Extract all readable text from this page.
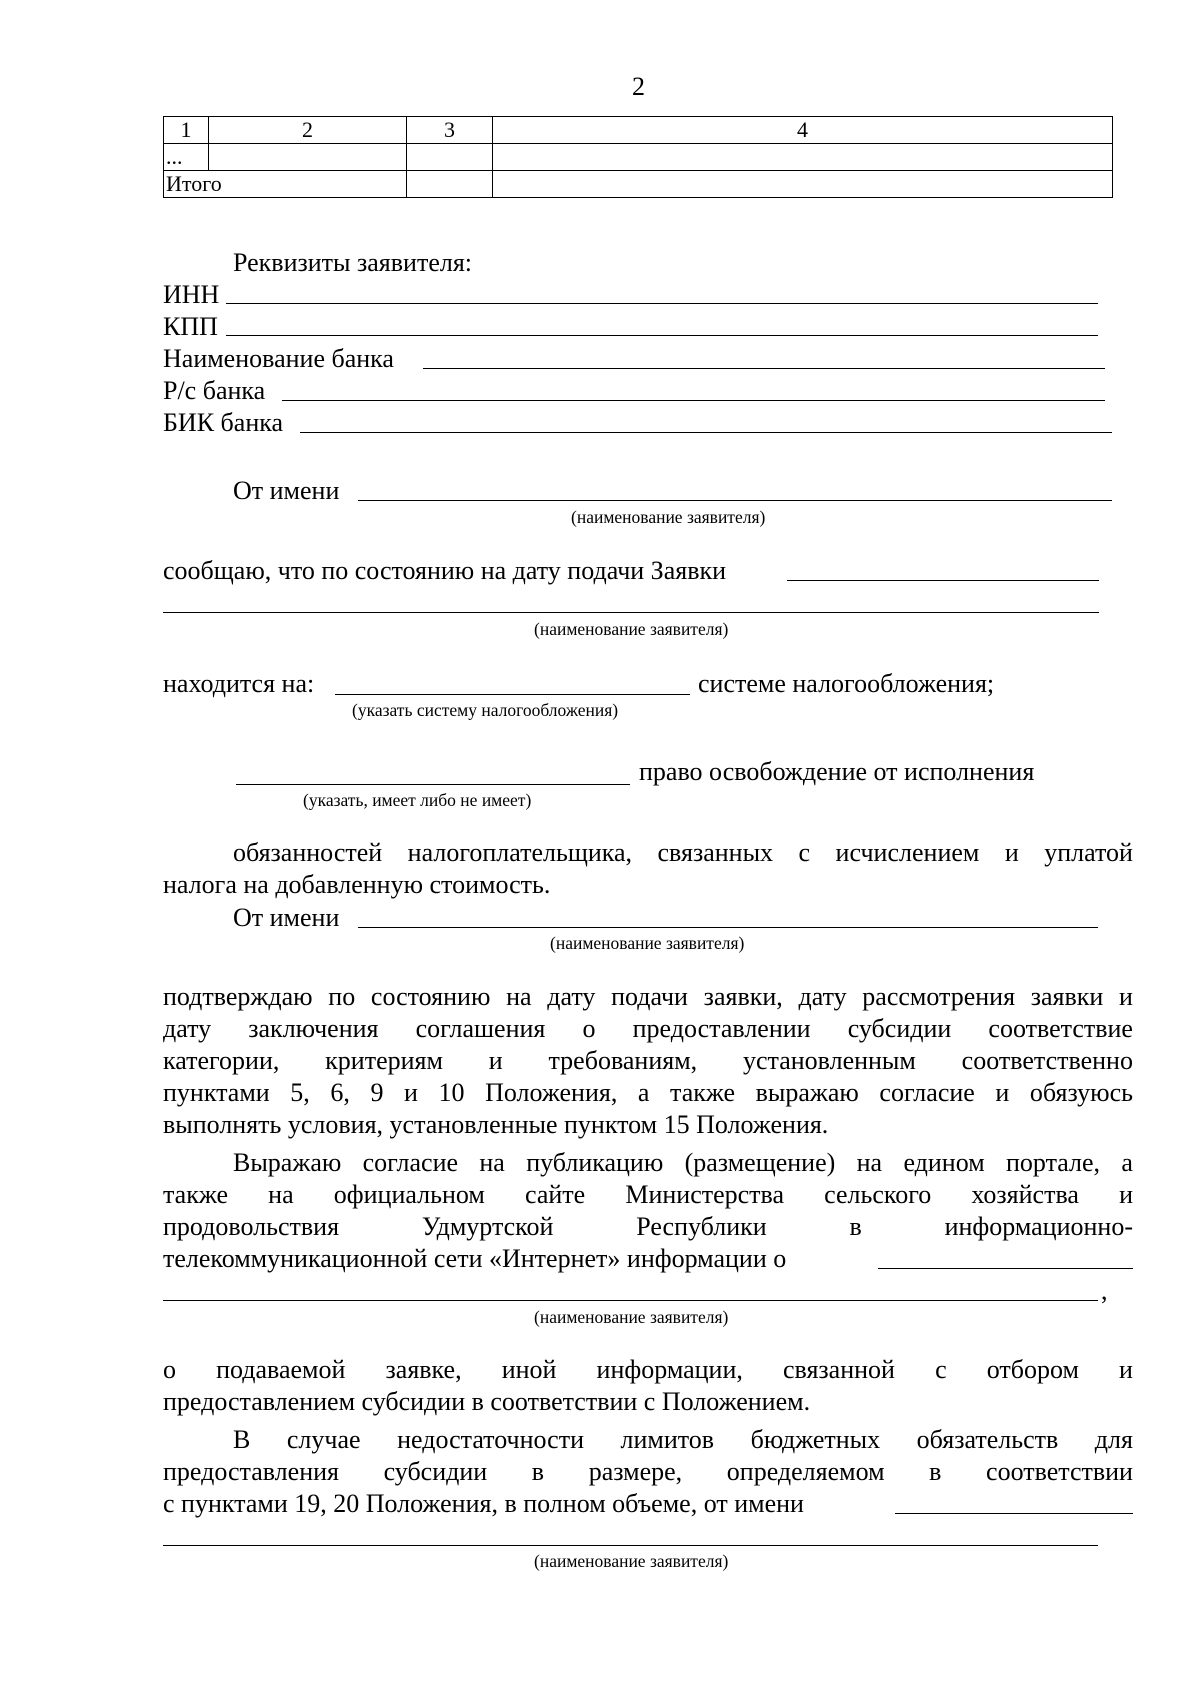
2
1	2	3	4
...			
Итого			
Реквизиты заявителя:
ИНН
КПП
Наименование банка
Р/с банка
БИК банка
От имени
(наименование заявителя)
сообщаю, что по состоянию на дату подачи Заявки
(наименование заявителя)
находится на:	системе налогообложения;
(указать систему налогообложения)
право освобождение от исполнения
(указать, имеет либо не имеет)
обязанностей налогоплательщика, связанных с исчислением и уплатой
налога на добавленную стоимость.
От имени
(наименование заявителя)
подтверждаю по состоянию на дату подачи заявки, дату рассмотрения заявки и
дату заключения соглашения о предоставлении субсидии соответствие
категории, критериям и требованиям, установленным соответственно
пунктами 5, 6, 9 и 10 Положения, а также выражаю согласие и обязуюсь
выполнять условия, установленные пунктом 15 Положения.
Выражаю согласие на публикацию (размещение) на едином портале, а
также на официальном сайте Министерства сельского хозяйства и
продовольствия	Удмуртской	Республики	в	информационно-
телекоммуникационной сети «Интернет» информации о
,
(наименование заявителя)
о подаваемой заявке, иной информации, связанной с отбором и
предоставлением субсидии в соответствии с Положением.
В случае недостаточности лимитов бюджетных обязательств для
предоставления субсидии в размере, определяемом в соответствии
с пунктами 19, 20 Положения, в полном объеме, от имени
(наименование заявителя)
